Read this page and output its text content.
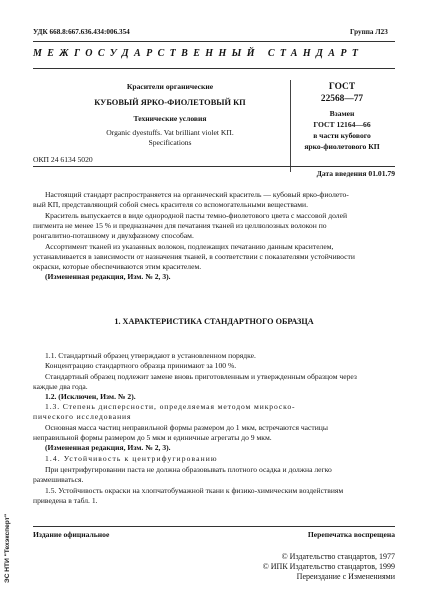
УДК 668.8:667.636.434:006.354	Группа Л23
МЕЖГОСУДАРСТВЕННЫЙ СТАНДАРТ
Красители органические
КУБОВЫЙ ЯРКО-ФИОЛЕТОВЫЙ КП
Технические условия
Organic dyestuffs. Vat brilliant violet KП.
Specifications
ОКП 24 6134 5020
ГОСТ
22568—77
Взамен
ГОСТ 12164—66
в части кубового
ярко-фиолетового КП
Дата введения 01.01.79
Настоящий стандарт распространяется на органический краситель — кубовый ярко-фиолето-
вый КП, представляющий собой смесь красителя со вспомогательными веществами.
Краситель выпускается в виде однородной пасты темно-фиолетового цвета с массовой долей
пигмента не менее 15 % и предназначен для печатания тканей из целлюлозных волокон по
ронгалитно-поташному и двухфазному способам.
Ассортимент тканей из указанных волокон, подлежащих печатанию данным красителем,
устанавливается в зависимости от назначения тканей, в соответствии с показателями устойчивости
окраски, которые обеспечиваются этим красителем.
(Измененная редакция, Изм. № 2, 3).
1. ХАРАКТЕРИСТИКА СТАНДАРТНОГО ОБРАЗЦА
1.1. Стандартный образец утверждают в установленном порядке.
Концентрацию стандартного образца принимают за 100 %.
Стандартный образец подлежит замене вновь приготовленным и утвержденным образцом через
каждые два года.
1.2. (Исключен, Изм. № 2).
1.3. Степень дисперсности, определяемая методом микроско-
пического исследования
Основная масса частиц неправильной формы размером до 1 мкм, встречаются частицы
неправильной формы размером до 5 мкм и единичные агрегаты до 9 мкм.
(Измененная редакция, Изм. № 2, 3).
1.4. Устойчивость к центрифугированию
При центрифугировании паста не должна образовывать плотного осадка и должна легко
размешиваться.
1.5. Устойчивость окраски на хлопчатобумажной ткани к физико-химическим воздействиям
приведена в табл. 1.
Издание официальное	Перепечатка воспрещена
© Издательство стандартов, 1977
© ИПК Издательство стандартов, 1999
Переиздание с Изменениями
ЭС НТИ "Техэксперт"
